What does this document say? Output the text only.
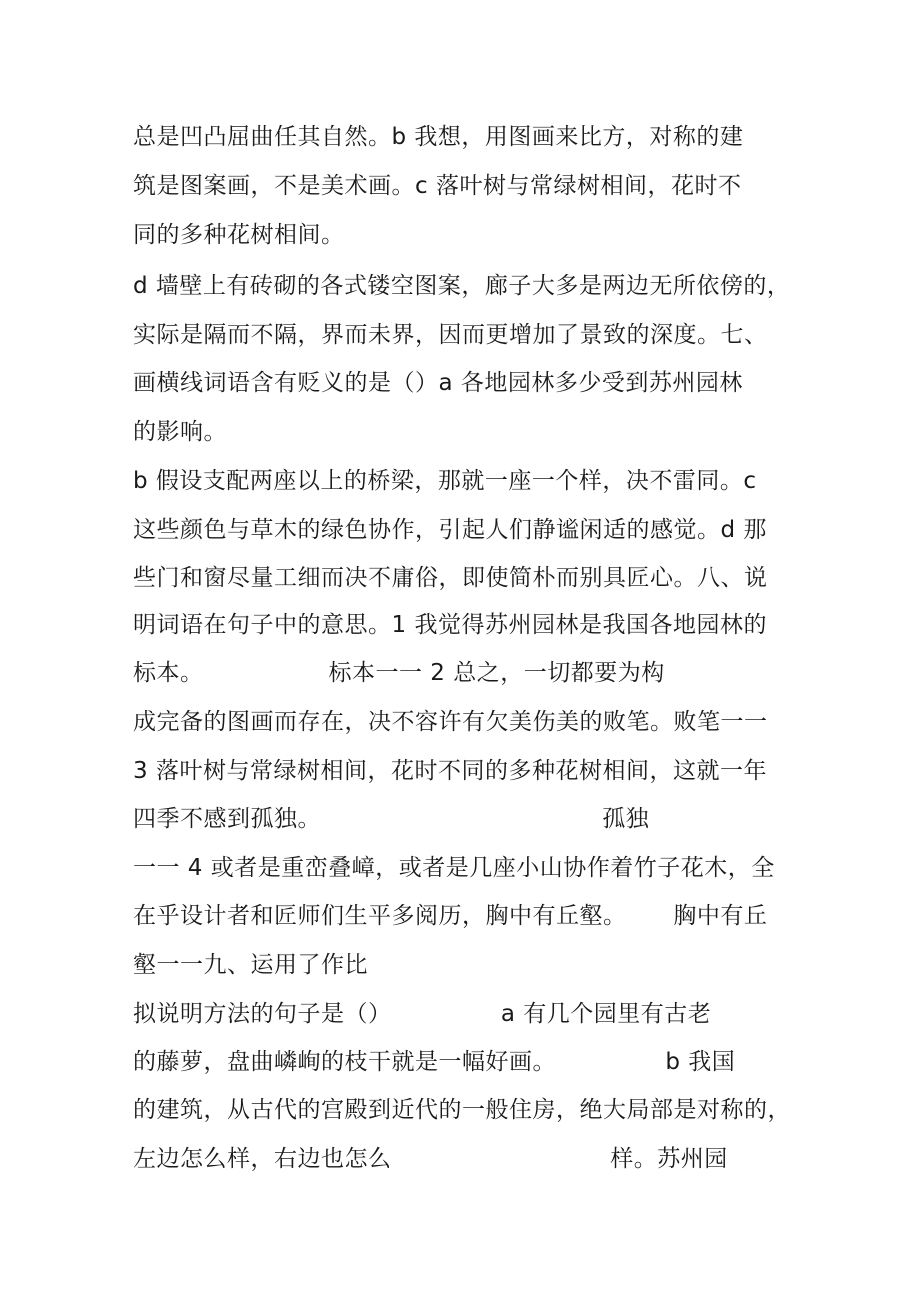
总是凹凸屈曲任其自然。b 我想，用图画来比方，对称的建
筑是图案画，不是美术画。c 落叶树与常绿树相间，花时不
同的多种花树相间。
d 墙壁上有砖砌的各式镂空图案，廊子大多是两边无所依傍的，
实际是隔而不隔，界而未界，因而更增加了景致的深度。七、
画横线词语含有贬义的是（）a 各地园林多少受到苏州园林
的影响。
b 假设支配两座以上的桥梁，那就一座一个样，决不雷同。c
这些颜色与草木的绿色协作，引起人们静谧闲适的感觉。d 那
些门和窗尽量工细而决不庸俗，即使简朴而别具匠心。八、说
明词语在句子中的意思。1 我觉得苏州园林是我国各地园林的
标本。                标本一一 2 总之，一切都要为构
成完备的图画而存在，决不容许有欠美伤美的败笔。败笔一一
3 落叶树与常绿树相间，花时不同的多种花树相间，这就一年
四季不感到孤独。                                    孤独
一一 4 或者是重峦叠嶂，或者是几座小山协作着竹子花木，全
在乎设计者和匠师们生平多阅历，胸中有丘壑。      胸中有丘
壑一一九、运用了作比
拟说明方法的句子是（）              a 有几个园里有古老
的藤萝，盘曲嶙峋的枝干就是一幅好画。              b 我国
的建筑，从古代的宫殿到近代的一般住房，绝大局部是对称的，
左边怎么样，右边也怎么                            样。苏州园
